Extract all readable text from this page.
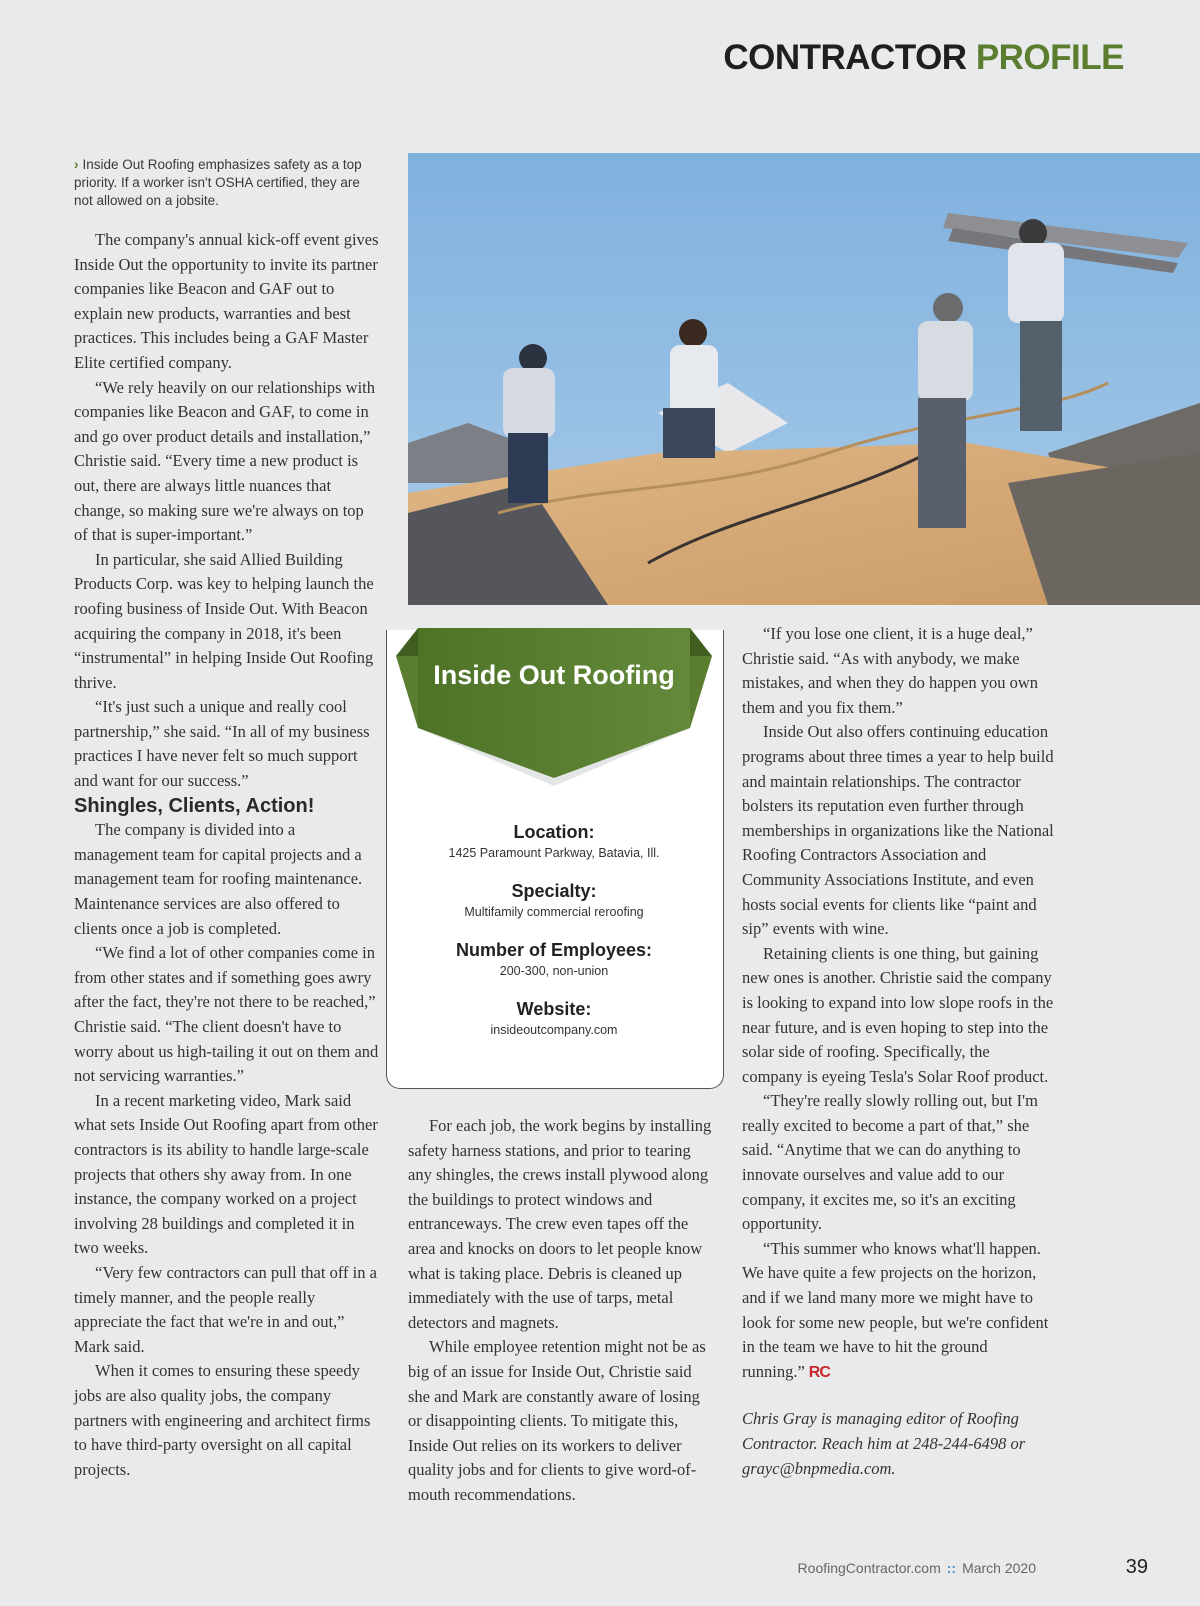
CONTRACTOR PROFILE
› Inside Out Roofing emphasizes safety as a top priority. If a worker isn't OSHA certified, they are not allowed on a jobsite.

The company's annual kick-off event gives Inside Out the opportunity to invite its partner companies like Beacon and GAF out to explain new products, warranties and best practices. This includes being a GAF Master Elite certified company.

“We rely heavily on our relationships with companies like Beacon and GAF, to come in and go over product details and installation,” Christie said. “Every time a new product is out, there are always little nuances that change, so making sure we're always on top of that is super-important.”

In particular, she said Allied Building Products Corp. was key to helping launch the roofing business of Inside Out. With Beacon acquiring the company in 2018, it's been “instrumental” in helping Inside Out Roofing thrive.

“It's just such a unique and really cool partnership,” she said. “In all of my business practices I have never felt so much support and want for our success.”

Shingles, Clients, Action!

The company is divided into a management team for capital projects and a management team for roofing maintenance. Maintenance services are also offered to clients once a job is completed.

“We find a lot of other companies come in from other states and if something goes awry after the fact, they're not there to be reached,” Christie said. “The client doesn't have to worry about us high-tailing it out on them and not servicing warranties.”

In a recent marketing video, Mark said what sets Inside Out Roofing apart from other contractors is its ability to handle large-scale projects that others shy away from. In one instance, the company worked on a project involving 28 buildings and completed it in two weeks.

“Very few contractors can pull that off in a timely manner, and the people really appreciate the fact that we're in and out,” Mark said.

When it comes to ensuring these speedy jobs are also quality jobs, the company partners with engineering and architect firms to have third-party oversight on all capital projects.

Inside Out Roofing

Location:

1425 Paramount Parkway, Batavia, Ill.

Specialty:

Multifamily commercial reroofing

Number of Employees:

200-300, non-union

Website:

insideoutcompany.com

For each job, the work begins by installing safety harness stations, and prior to tearing any shingles, the crews install plywood along the buildings to protect windows and entranceways. The crew even tapes off the area and knocks on doors to let people know what is taking place. Debris is cleaned up immediately with the use of tarps, metal detectors and magnets.

While employee retention might not be as big of an issue for Inside Out, Christie said she and Mark are constantly aware of losing or disappointing clients. To mitigate this, Inside Out relies on its workers to deliver quality jobs and for clients to give word-of-mouth recommendations.

“If you lose one client, it is a huge deal,” Christie said. “As with anybody, we make mistakes, and when they do happen you own them and you fix them.”

Inside Out also offers continuing education programs about three times a year to help build and maintain relationships. The contractor bolsters its reputation even further through memberships in organizations like the National Roofing Contractors Association and Community Associations Institute, and even hosts social events for clients like “paint and sip” events with wine.

Retaining clients is one thing, but gaining new ones is another. Christie said the company is looking to expand into low slope roofs in the near future, and is even hoping to step into the solar side of roofing. Specifically, the company is eyeing Tesla's Solar Roof product.

“They're really slowly rolling out, but I'm really excited to become a part of that,” she said. “Anytime that we can do anything to innovate ourselves and value add to our company, it excites me, so it's an exciting opportunity.

“This summer who knows what'll happen. We have quite a few projects on the horizon, and if we land many more we might have to look for some new people, but we're confident in the team we have to hit the ground running.” RC

Chris Gray is managing editor of Roofing Contractor. Reach him at 248-244-6498 or grayc@bnpmedia.com.

RoofingContractor.com :: March 2020	39
